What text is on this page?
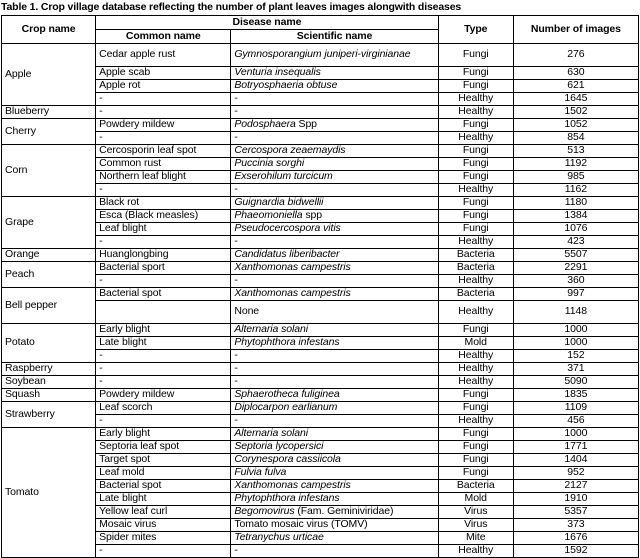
Table 1. Crop village database reflecting the number of plant leaves images alongwith diseases
Crop name	Disease name		Type	Number of images
	Common name	Scientific name		
Apple	Cedar apple rust	Gymnosporangium juniperi-virginianae	Fungi	276
	Apple scab	Venturia insequalis	Fungi	630
	Apple rot	Botryosphaeria obtuse	Fungi	621
	-	-	Healthy	1645
Blueberry	-	-	Healthy	1502
Cherry	Powdery mildew	Podosphaera Spp	Fungi	1052
	-	-	Healthy	854
Corn	Cercosporin leaf spot	Cercospora zeaemaydis	Fungi	513
	Common rust	Puccinia sorghi	Fungi	1192
	Northern leaf blight	Exserohilum turcicum	Fungi	985
	-	-	Healthy	1162
Grape	Black rot	Guignardia bidwellii	Fungi	1180
	Esca (Black measles)	Phaeomoniella spp	Fungi	1384
	Leaf blight	Pseudocercospora vitis	Fungi	1076
	-	-	Healthy	423
Orange	Huanglongbing	Candidatus liberibacter	Bacteria	5507
Peach	Bacterial sport	Xanthomonas campestris	Bacteria	2291
	-	-	Healthy	360
Bell pepper	Bacterial spot	Xanthomonas campestris	Bacteria	997
		None	Healthy	1148
Potato	Early blight	Alternaria solani	Fungi	1000
	Late blight	Phytophthora infestans	Mold	1000
	-	-	Healthy	152
Raspberry	-	-	Healthy	371
Soybean	-	-	Healthy	5090
Squash	Powdery mildew	Sphaerotheca fuliginea	Fungi	1835
Strawberry	Leaf scorch	Diplocarpon earlianum	Fungi	1109
	-	-	Healthy	456
Tomato	Early blight	Alternaria solani	Fungi	1000
	Septoria leaf spot	Septoria lycopersici	Fungi	1771
	Target spot	Corynespora cassiicola	Fungi	1404
	Leaf mold	Fulvia fulva	Fungi	952
	Bacterial spot	Xanthomonas campestris	Bacteria	2127
	Late blight	Phytophthora infestans	Mold	1910
	Yellow leaf curl	Begomovirus (Fam. Geminiviridae)	Virus	5357
	Mosaic virus	Tomato mosaic virus (TOMV)	Virus	373
	Spider mites	Tetranychus urticae	Mite	1676
	-	-	Healthy	1592
